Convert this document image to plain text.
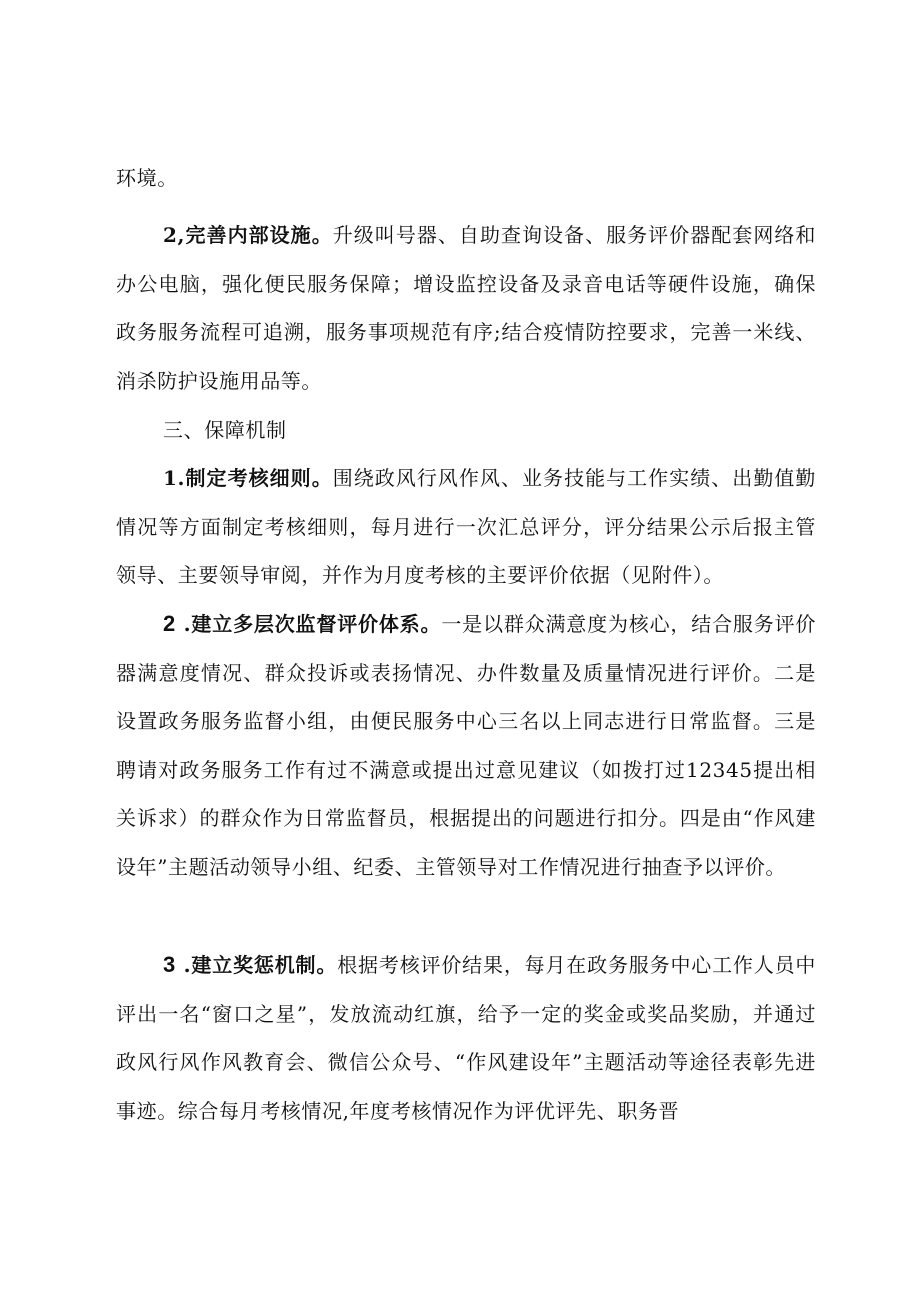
环境。

2,完善内部设施。升级叫号器、自助查询设备、服务评价器配套网络和办公电脑，强化便民服务保障；增设监控设备及录音电话等硬件设施，确保政务服务流程可追溯，服务事项规范有序;结合疫情防控要求，完善一米线、消杀防护设施用品等。

三、保障机制

1.制定考核细则。围绕政风行风作风、业务技能与工作实绩、出勤值勤情况等方面制定考核细则，每月进行一次汇总评分，评分结果公示后报主管领导、主要领导审阅，并作为月度考核的主要评价依据（见附件）。

2 .建立多层次监督评价体系。一是以群众满意度为核心，结合服务评价器满意度情况、群众投诉或表扬情况、办件数量及质量情况进行评价。二是设置政务服务监督小组，由便民服务中心三名以上同志进行日常监督。三是聘请对政务服务工作有过不满意或提出过意见建议（如拨打过12345提出相关诉求）的群众作为日常监督员，根据提出的问题进行扣分。四是由“作风建设年”主题活动领导小组、纪委、主管领导对工作情况进行抽查予以评价。

3 .建立奖惩机制。根据考核评价结果，每月在政务服务中心工作人员中评出一名“窗口之星”，发放流动红旗，给予一定的奖金或奖品奖励，并通过政风行风作风教育会、微信公众号、“作风建设年”主题活动等途径表彰先进事迹。综合每月考核情况,年度考核情况作为评优评先、职务晋
